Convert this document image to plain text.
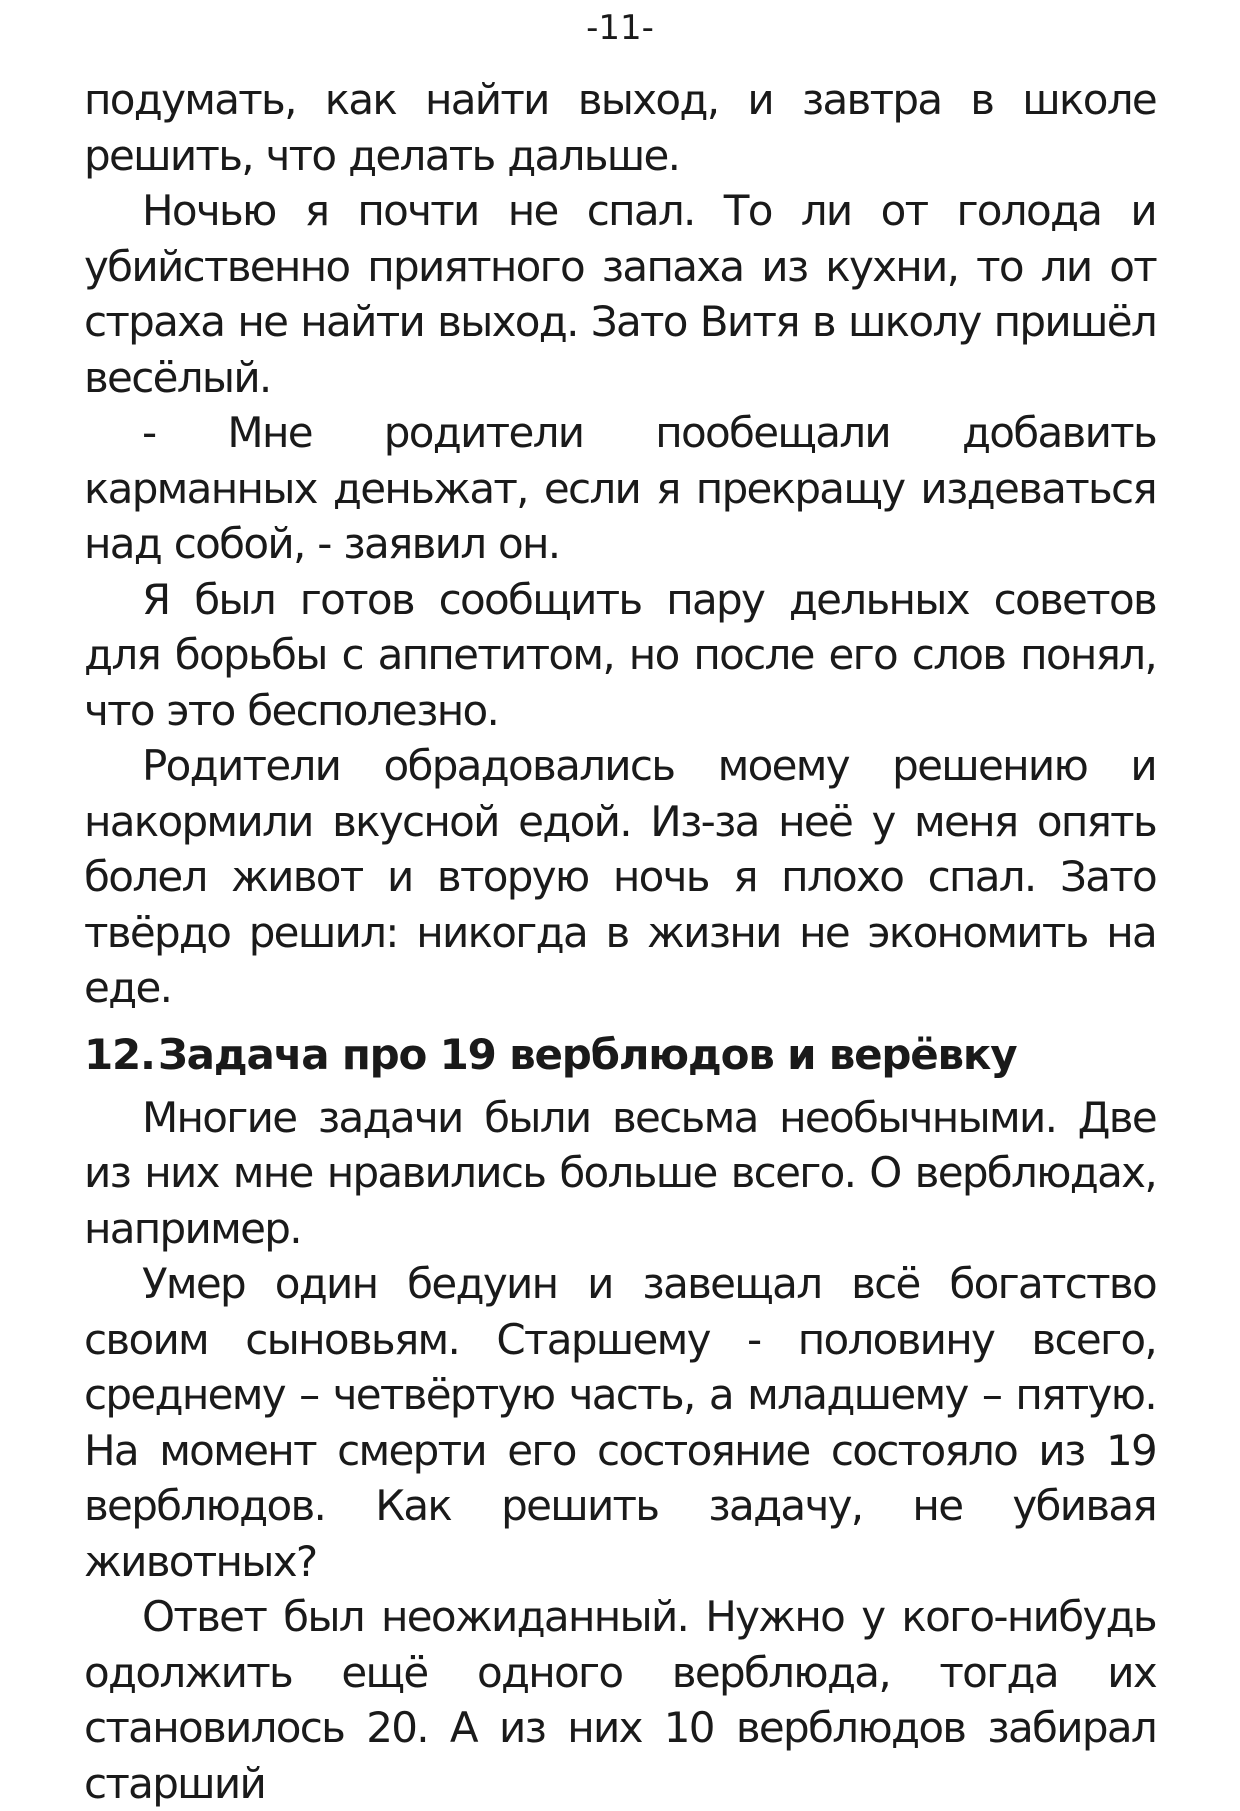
-11-

подумать, как найти выход, и завтра в школе решить, что делать дальше.

Ночью я почти не спал. То ли от голода и убийственно приятного запаха из кухни, то ли от страха не найти выход. Зато Витя в школу пришёл весёлый.

- Мне родители пообещали добавить карманных деньжат, если я прекращу издеваться над собой, - заявил он.

Я был готов сообщить пару дельных советов для борьбы с аппетитом, но после его слов понял, что это бесполезно.

Родители обрадовались моему решению и накормили вкусной едой. Из-за неё у меня опять болел живот и вторую ночь я плохо спал. Зато твёрдо решил: никогда в жизни не экономить на еде.

12.Задача про 19 верблюдов и верёвку

Многие задачи были весьма необычными. Две из них мне нравились больше всего. О верблюдах, например.

Умер один бедуин и завещал всё богатство своим сыновьям. Старшему - половину всего, среднему – четвёртую часть, а младшему – пятую. На момент смерти его состояние состояло из 19 верблюдов. Как решить задачу, не убивая животных?

Ответ был неожиданный. Нужно у кого-нибудь одолжить ещё одного верблюда, тогда их становилось 20. А из них 10 верблюдов забирал старший
